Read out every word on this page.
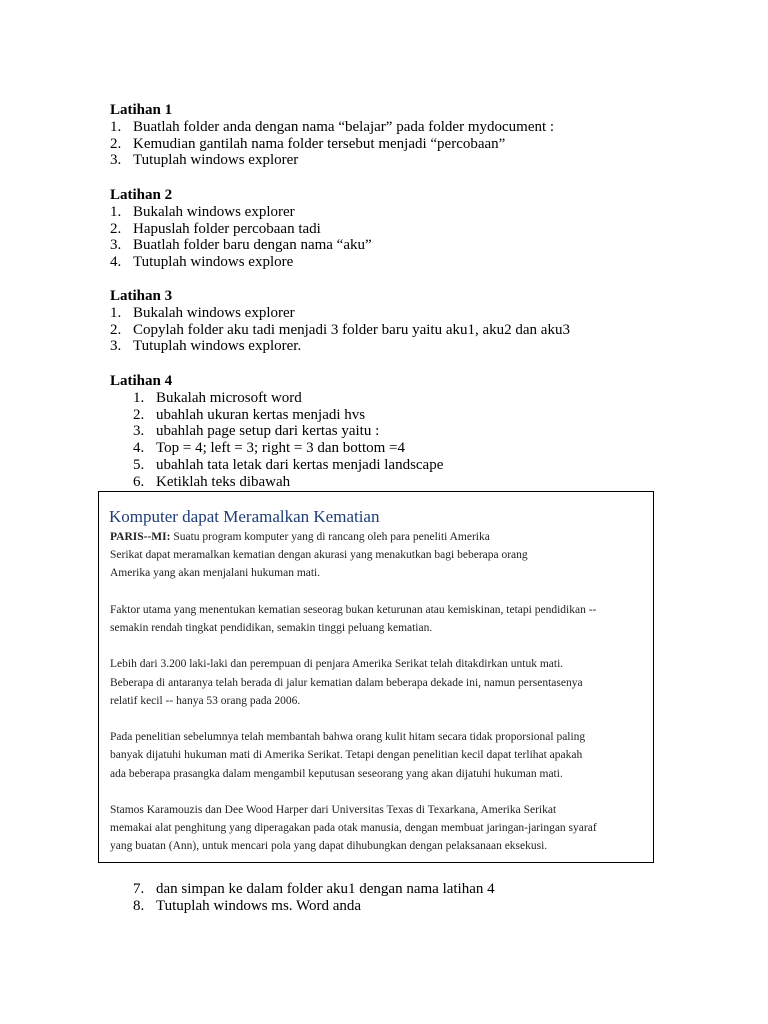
Latihan 1
1. Buatlah folder anda dengan nama “belajar” pada folder mydocument :
2. Kemudian gantilah nama folder tersebut menjadi “percobaan”
3. Tutuplah windows explorer
Latihan 2
1. Bukalah windows explorer
2. Hapuslah folder percobaan tadi
3. Buatlah folder baru dengan nama “aku”
4. Tutuplah windows explore
Latihan 3
1. Bukalah windows explorer
2. Copylah folder aku tadi menjadi 3 folder baru yaitu aku1, aku2 dan aku3
3. Tutuplah windows explorer.
Latihan 4
1. Bukalah microsoft word
2. ubahlah ukuran kertas menjadi hvs
3. ubahlah page setup dari kertas yaitu :
4. Top = 4; left = 3; right = 3 dan bottom =4
5. ubahlah tata letak dari kertas menjadi landscape
6. Ketiklah teks dibawah
Komputer dapat Meramalkan Kematian

PARIS--MI: Suatu program komputer yang di rancang oleh para peneliti Amerika
Serikat dapat meramalkan kematian dengan akurasi yang menakutkan bagi beberapa orang
Amerika yang akan menjalani hukuman mati.

Faktor utama yang menentukan kematian seseorag bukan keturunan atau kemiskinan, tetapi pendidikan --
semakin rendah tingkat pendidikan, semakin tinggi peluang kematian.

Lebih dari 3.200 laki-laki dan perempuan di penjara Amerika Serikat telah ditakdirkan untuk mati.
Beberapa di antaranya telah berada di jalur kematian dalam beberapa dekade ini, namun persentasenya
relatif kecil -- hanya 53 orang pada 2006.

Pada penelitian sebelumnya telah membantah bahwa orang kulit hitam secara tidak proporsional paling
banyak dijatuhi hukuman mati di Amerika Serikat. Tetapi dengan penelitian kecil dapat terlihat apakah
ada beberapa prasangka dalam mengambil keputusan seseorang yang akan dijatuhi hukuman mati.

Stamos Karamouzis dan Dee Wood Harper dari Universitas Texas di Texarkana, Amerika Serikat
memakai alat penghitung yang diperagakan pada otak manusia, dengan membuat jaringan-jaringan syaraf
yang buatan (Ann), untuk mencari pola yang dapat dihubungkan dengan pelaksanaan eksekusi.

7. dan simpan ke dalam folder aku1 dengan nama latihan 4
8. Tutuplah windows ms. Word anda
